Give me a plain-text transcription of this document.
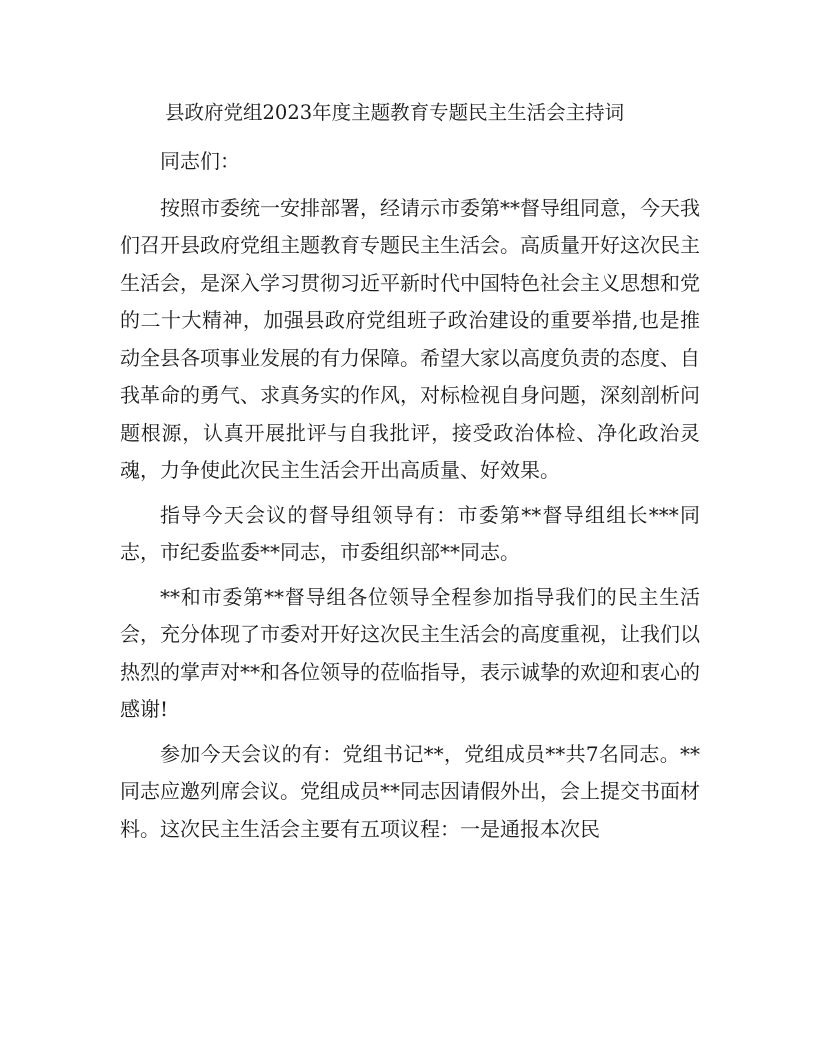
县政府党组2023年度主题教育专题民主生活会主持词

同志们：

按照市委统一安排部署，经请示市委第**督导组同意，今天我们召开县政府党组主题教育专题民主生活会。高质量开好这次民主生活会，是深入学习贯彻习近平新时代中国特色社会主义思想和党的二十大精神，加强县政府党组班子政治建设的重要举措,也是推动全县各项事业发展的有力保障。希望大家以高度负责的态度、自我革命的勇气、求真务实的作风，对标检视自身问题，深刻剖析问题根源，认真开展批评与自我批评，接受政治体检、净化政治灵魂，力争使此次民主生活会开出高质量、好效果。

指导今天会议的督导组领导有：市委第**督导组组长***同志，市纪委监委**同志，市委组织部**同志。

**和市委第**督导组各位领导全程参加指导我们的民主生活会，充分体现了市委对开好这次民主生活会的高度重视，让我们以热烈的掌声对**和各位领导的莅临指导，表示诚挚的欢迎和衷心的感谢!

参加今天会议的有：党组书记**，党组成员**共7名同志。**同志应邀列席会议。党组成员**同志因请假外出，会上提交书面材料。这次民主生活会主要有五项议程：一是通报本次民
